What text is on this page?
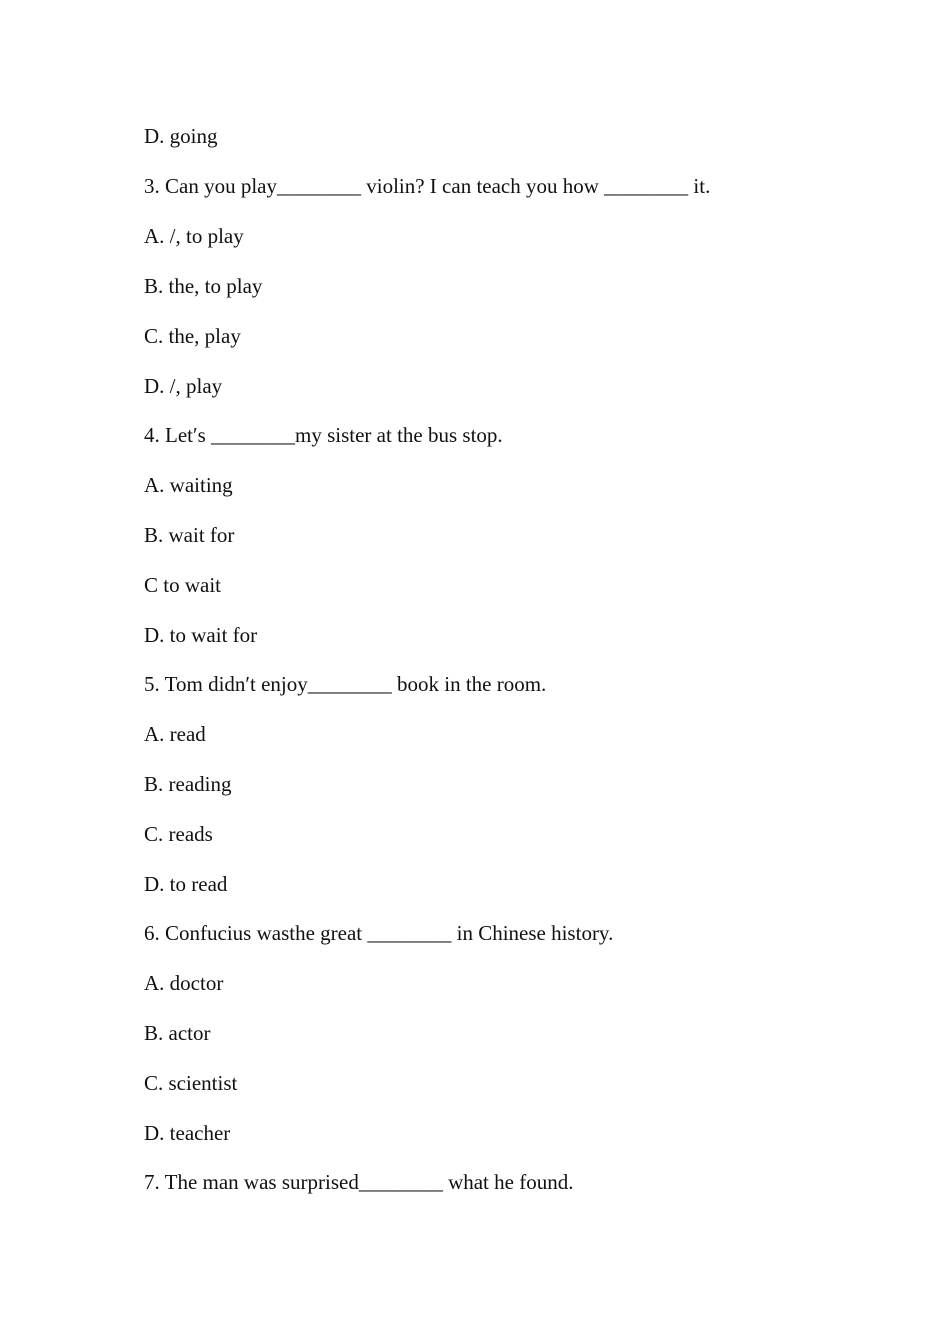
D. going
3. Can you play________ violin? I can teach you how ________ it.
A. /, to play
B. the, to play
C. the, play
D. /, play
4. Let′s ________my sister at the bus stop.
A. waiting
B. wait for
C to wait
D. to wait for
5. Tom didn′t enjoy________ book in the room.
A. read
B. reading
C. reads
D. to read
6. Confucius wasthe great ________ in Chinese history.
A. doctor
B. actor
C. scientist
D. teacher
7. The man was surprised________ what he found.
